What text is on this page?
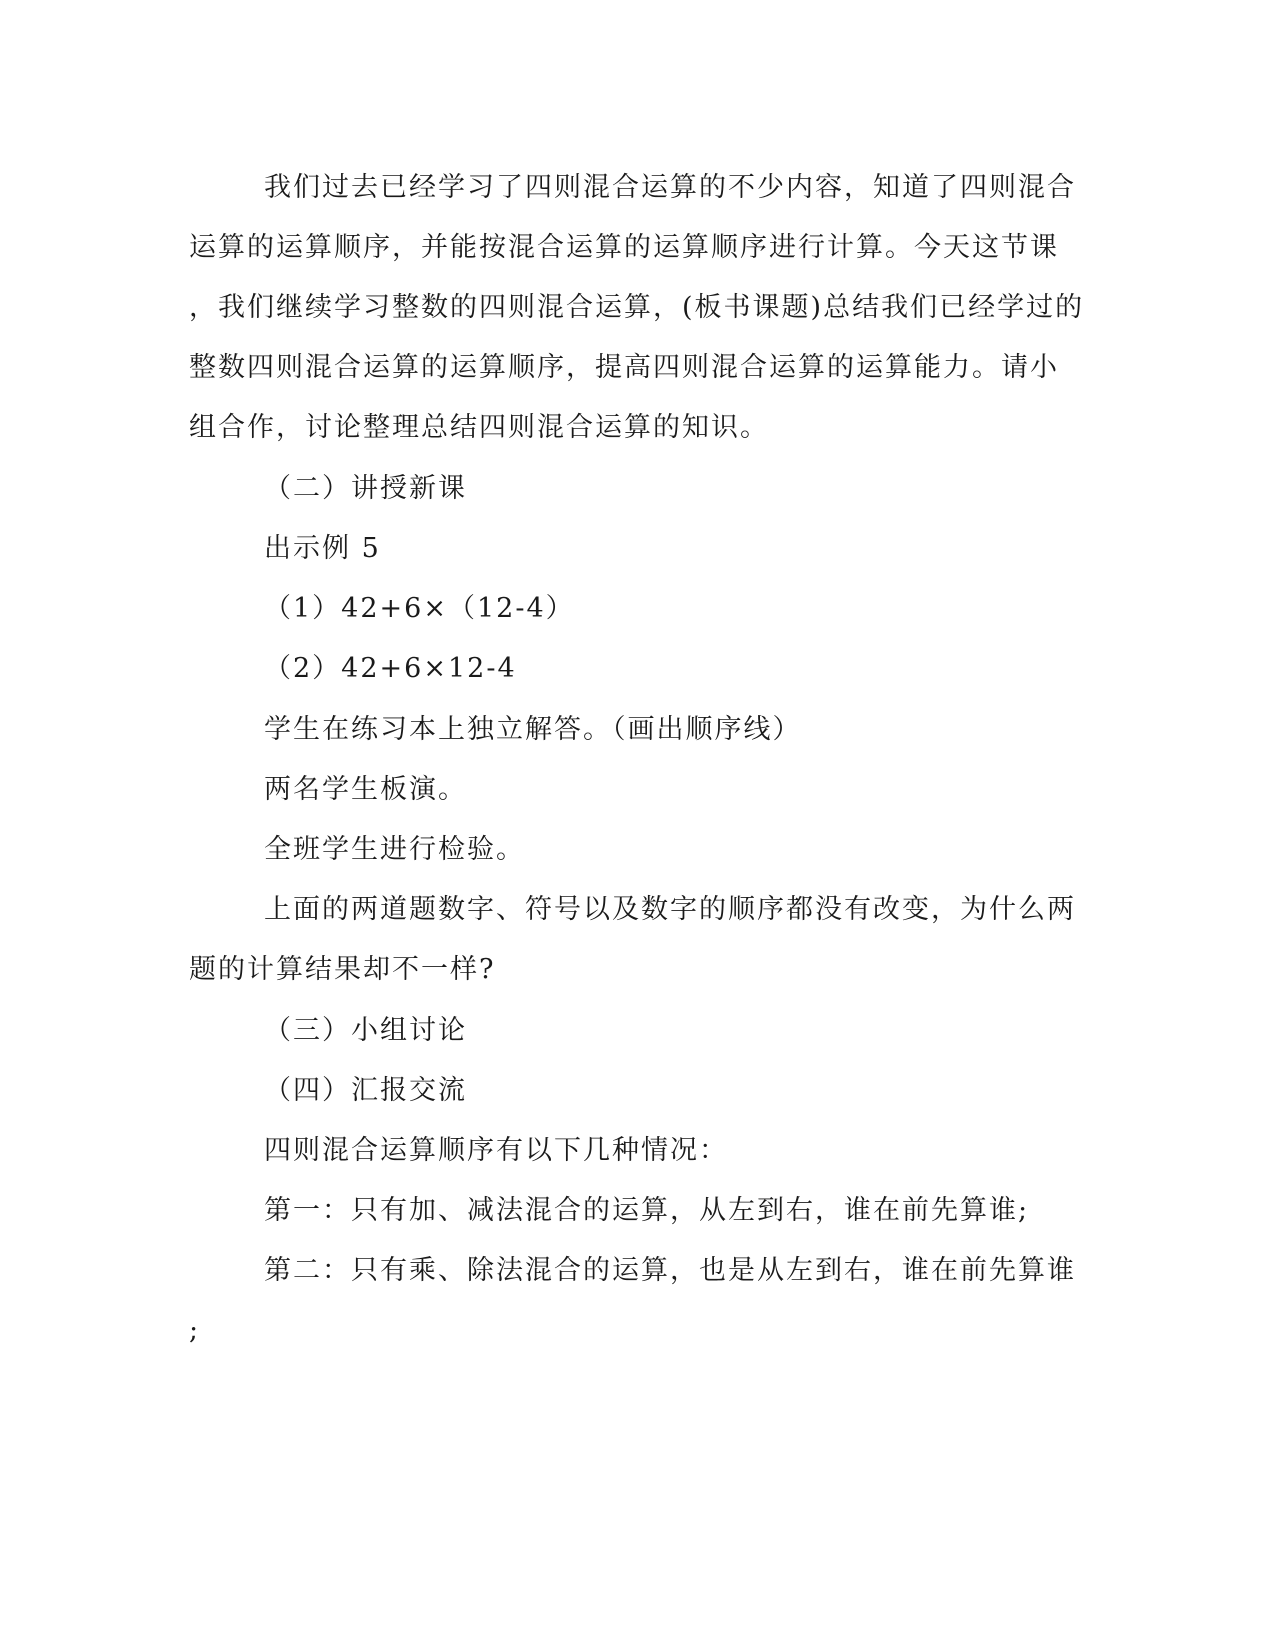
我们过去已经学习了四则混合运算的不少内容，知道了四则混合
运算的运算顺序，并能按混合运算的运算顺序进行计算。今天这节课
，我们继续学习整数的四则混合运算，(板书课题)总结我们已经学过的
整数四则混合运算的运算顺序，提高四则混合运算的运算能力。请小
组合作，讨论整理总结四则混合运算的知识。
（二）讲授新课
出示例 5
（1）42+6×（12-4）
（2）42+6×12-4
学生在练习本上独立解答。（画出顺序线）
两名学生板演。
全班学生进行检验。
上面的两道题数字、符号以及数字的顺序都没有改变，为什么两
题的计算结果却不一样?
（三）小组讨论
（四）汇报交流
四则混合运算顺序有以下几种情况：
第一：只有加、减法混合的运算，从左到右，谁在前先算谁;
第二：只有乘、除法混合的运算，也是从左到右，谁在前先算谁
;
